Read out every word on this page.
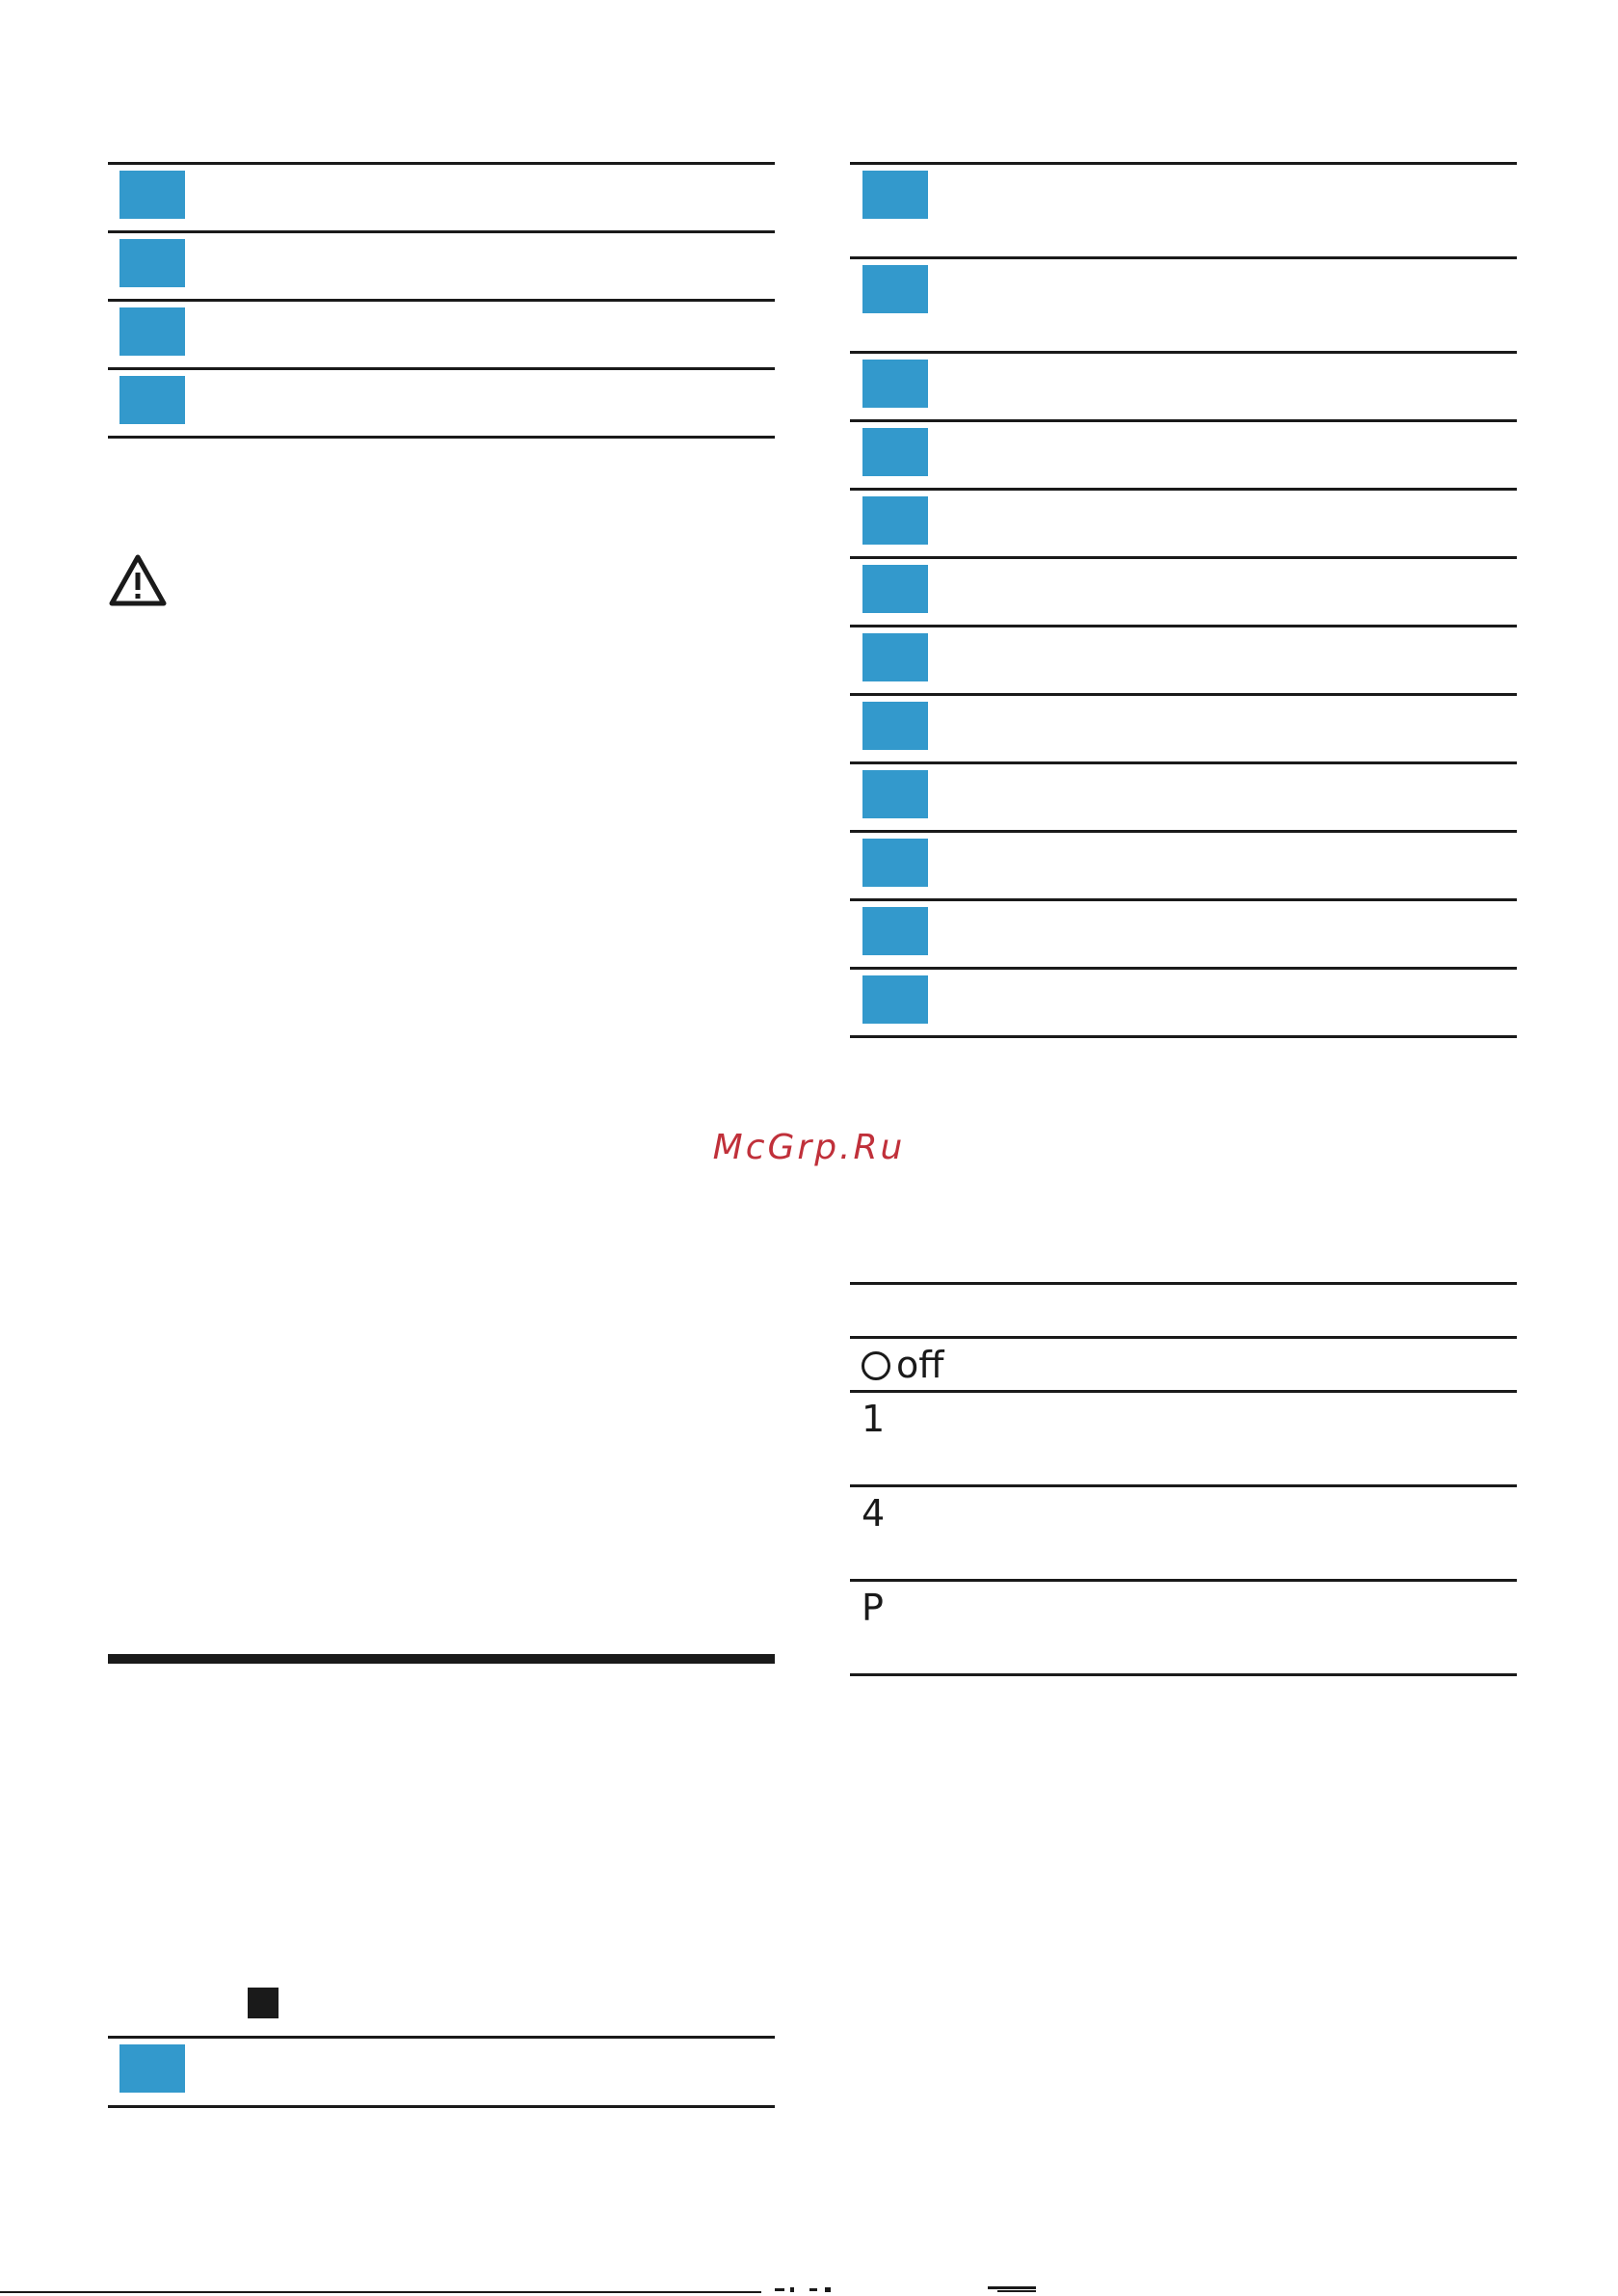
McGrp.Ru
off
1
4
P
